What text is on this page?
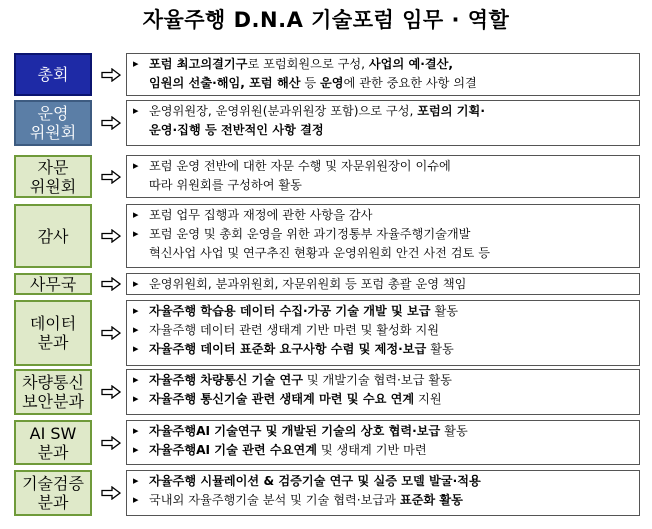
자율주행 D.N.A 기술포럼 임무 · 역할
총회
▸ 포럼 최고의결기구로 포럼회원으로 구성, 사업의 예·결산,
임원의 선출·해임, 포럼 해산 등 운영에 관한 중요한 사항 의결
운영
위원회
▸ 운영위원장, 운영위원(분과위원장 포함)으로 구성, 포럼의 기획·
운영·집행 등 전반적인 사항 결정
자문
위원회
▸ 포럼 운영 전반에 대한 자문 수행 및 자문위원장이 이슈에
따라 위원회를 구성하여 활동
감사
▸ 포럼 업무 집행과 재정에 관한 사항을 감사
▸ 포럼 운영 및 총회 운영을 위한 과기정통부 자율주행기술개발
혁신사업 사업 및 연구추진 현황과 운영위원회 안건 사전 검토 등
사무국	▸ 운영위원회, 분과위원회, 자문위원회 등 포럼 총괄 운영 책임
데이터
분과
▸ 자율주행 학습용 데이터 수집·가공 기술 개발 및 보급 활동
▸ 자율주행 데이터 관련 생태계 기반 마련 및 활성화 지원
▸ 자율주행 데이터 표준화 요구사항 수렴 및 제정·보급 활동
차량통신
보안분과
▸ 자율주행 차량통신 기술 연구 및 개발기술 협력·보급 활동
▸ 자율주행 통신기술 관련 생태계 마련 및 수요 연계 지원
AI SW
분과
▸ 자율주행AI 기술연구 및 개발된 기술의 상호 협력·보급 활동
▸ 자율주행AI 기술 관련 수요연계 및 생태계 기반 마련
기술검증
분과
▸ 자율주행 시뮬레이션 & 검증기술 연구 및 실증 모델 발굴·적용
▸ 국내외 자율주행기술 분석 및 기술 협력·보급과 표준화 활동
